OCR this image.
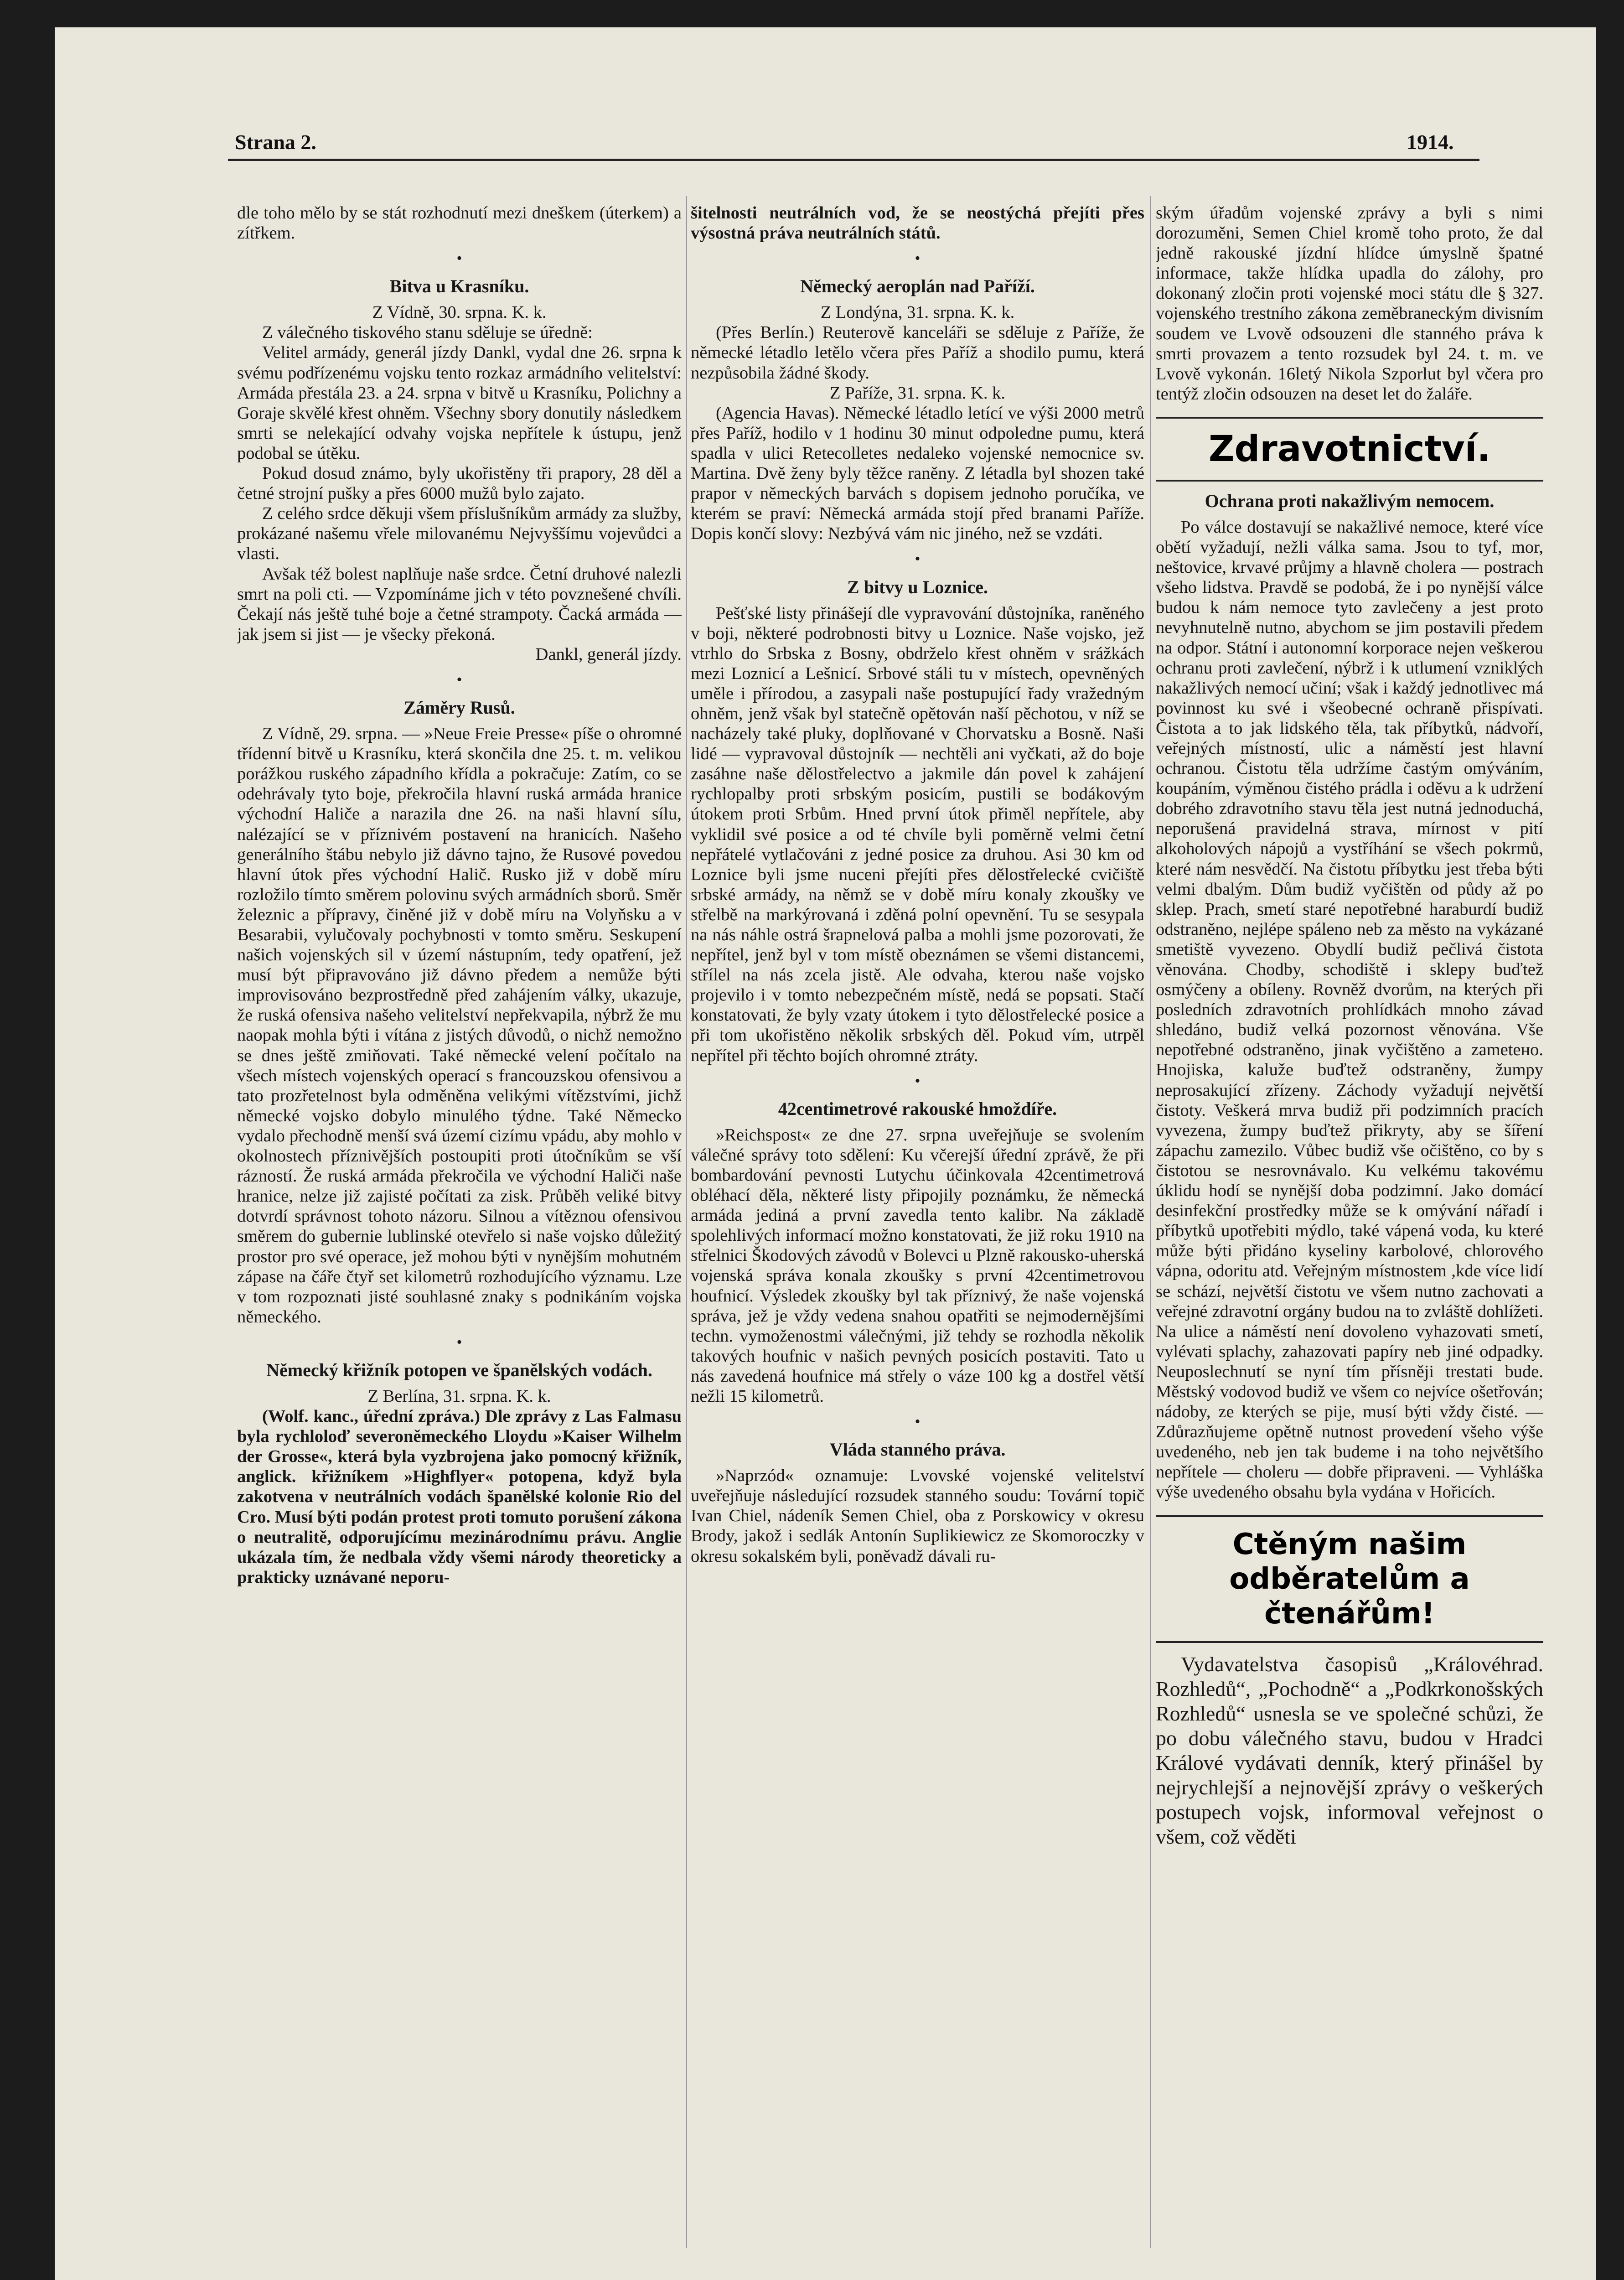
Strana 2.	1914.

dle toho mělo by se stát rozhodnutí mezi dneškem (úterkem) a zítřkem.

•
Bitva u Krasníku.

Z Vídně, 30. srpna. K. k.

Z válečného tiskového stanu sděluje se úředně:

Velitel armády, generál jízdy Dankl, vydal dne 26. srpna k svému podřízenému vojsku tento rozkaz armádního velitelství: Armáda přestála 23. a 24. srpna v bitvě u Krasníku, Polichny a Goraje skvělé křest ohněm. Všechny sbory donutily následkem smrti se nelekající odvahy vojska nepřítele k ústupu, jenž podobal se útěku.

Pokud dosud známo, byly ukořistěny tři prapory, 28 děl a četné strojní pušky a přes 6000 mužů bylo zajato.

Z celého srdce děkuji všem příslušníkům armády za služby, prokázané našemu vřele milovanému Nejvyššímu vojevůdci a vlasti.

Avšak též bolest naplňuje naše srdce. Četní druhové nalezli smrt na poli cti. — Vzpomínáme jich v této povznešené chvíli. Čekají nás ještě tuhé boje a četné strampoty. Čacká armáda — jak jsem si jist — je všecky překoná.

Dankl, generál jízdy.

•
Záměry Rusů.

Z Vídně, 29. srpna. — »Neue Freie Presse« píše o ohromné třídenní bitvě u Krasníku, která skončila dne 25. t. m. velikou porážkou ruského západního křídla a pokračuje: Zatím, co se odehrávaly tyto boje, překročila hlavní ruská armáda hranice východní Haliče a narazila dne 26. na naši hlavní sílu, nalézající se v příznivém postavení na hranicích. Našeho generálního štábu nebylo již dávno tajno, že Rusové povedou hlavní útok přes východní Halič. Rusko již v době míru rozložilo tímto směrem polovinu svých armádních sborů. Směr železnic a přípravy, činěné již v době míru na Volyňsku a v Besarabii, vylučovaly pochybnosti v tomto směru. Seskupení našich vojenských sil v území nástupním, tedy opatření, jež musí být připravováno již dávno předem a nemůže býti improvisováno bezprostředně před zahájením války, ukazuje, že ruská ofensiva našeho velitelství nepřekvapila, nýbrž že mu naopak mohla býti i vítána z jistých důvodů, o nichž nemožno se dnes ještě zmiňovati. Také německé velení počítalo na všech místech vojenských operací s francouzskou ofensivou a tato prozřetelnost byla odměněna velikými vítězstvími, jichž německé vojsko dobylo minulého týdne. Také Německo vydalo přechodně menší svá území cizímu vpádu, aby mohlo v okolnostech příznivějších postoupiti proti útočníkům se vší rázností. Že ruská armáda překročila ve východní Haliči naše hranice, nelze již zajisté počítati za zisk. Průběh veliké bitvy dotvrdí správnost tohoto názoru. Silnou a vítěznou ofensivou směrem do gubernie lublinské otevřelo si naše vojsko důležitý prostor pro své operace, jež mohou býti v nynějším mohutném zápase na čáře čtyř set kilometrů rozhodujícího významu. Lze v tom rozpoznati jisté souhlasné znaky s podnikáním vojska německého.

•
Německý křižník potopen ve španělských vodách.

Z Berlína, 31. srpna. K. k.

(Wolf. kanc., úřední zpráva.) Dle zprávy z Las Falmasu byla rychloloď severoněmeckého Lloydu »Kaiser Wilhelm der Grosse«, která byla vyzbrojena jako pomocný křižník, anglick. křižníkem »Highflyer« potopena, když byla zakotvena v neutrálních vodách španělské kolonie Rio del Cro. Musí býti podán protest proti tomuto porušení zákona o neutralitě, odporujícímu mezinárodnímu právu. Anglie ukázala tím, že nedbala vždy všemi národy theoreticky a prakticky uznávané neporu-

šitelnosti neutrálních vod, že se neostýchá přejíti přes výsostná práva neutrálních států.

•
Německý aeroplán nad Paříží.

Z Londýna, 31. srpna. K. k.

(Přes Berlín.) Reuterově kanceláři se sděluje z Paříže, že německé létadlo letělo včera přes Paříž a shodilo pumu, která nezpůsobila žádné škody.

Z Paříže, 31. srpna. K. k.

(Agencia Havas). Německé létadlo letící ve výši 2000 metrů přes Paříž, hodilo v 1 hodinu 30 minut odpoledne pumu, která spadla v ulici Retecolletes nedaleko vojenské nemocnice sv. Martina. Dvě ženy byly těžce raněny. Z létadla byl shozen také prapor v německých barvách s dopisem jednoho poručíka, ve kterém se praví: Německá armáda stojí před branami Paříže. Dopis končí slovy: Nezbývá vám nic jiného, než se vzdáti.

•
Z bitvy u Loznice.

Pešťské listy přinášejí dle vypravování důstojníka, raněného v boji, některé podrobnosti bitvy u Loznice. Naše vojsko, jež vtrhlo do Srbska z Bosny, obdrželo křest ohněm v srážkách mezi Loznicí a Lešnicí. Srbové stáli tu v místech, opevněných uměle i přírodou, a zasypali naše postupující řady vražedným ohněm, jenž však byl statečně opětován naší pěchotou, v níž se nacházely také pluky, doplňované v Chorvatsku a Bosně. Naši lidé — vypravoval důstojník — nechtěli ani vyčkati, až do boje zasáhne naše dělostřelectvo a jakmile dán povel k zahájení rychlopalby proti srbským posicím, pustili se bodákovým útokem proti Srbům. Hned první útok přiměl nepřítele, aby vyklidil své posice a od té chvíle byli poměrně velmi četní nepřátelé vytlačováni z jedné posice za druhou. Asi 30 km od Loznice byli jsme nuceni přejíti přes dělostřelecké cvičiště srbské armády, na němž se v době míru konaly zkoušky ve střelbě na markýrovaná i zděná polní opevnění. Tu se sesypala na nás náhle ostrá šrapnelová palba a mohli jsme pozorovati, že nepřítel, jenž byl v tom místě obeznámen se všemi distancemi, střílel na nás zcela jistě. Ale odvaha, kterou naše vojsko projevilo i v tomto nebezpečném místě, nedá se popsati. Stačí konstatovati, že byly vzaty útokem i tyto dělostřelecké posice a při tom ukořistěno několik srbských děl. Pokud vím, utrpěl nepřítel při těchto bojích ohromné ztráty.

•
42centimetrové rakouské hmoždíře.

»Reichspost« ze dne 27. srpna uveřejňuje se svolením válečné správy toto sdělení: Ku včerejší úřední zprávě, že při bombardování pevnosti Lutychu účinkovala 42centimetrová obléhací děla, některé listy připojily poznámku, že německá armáda jediná a první zavedla tento kalibr. Na základě spolehlivých informací možno konstatovati, že již roku 1910 na střelnici Škodových závodů v Bolevci u Plzně rakousko-uherská vojenská správa konala zkoušky s první 42centimetrovou houfnicí. Výsledek zkoušky byl tak příznivý, že naše vojenská správa, jež je vždy vedena snahou opatřiti se nejmodernějšími techn. vymoženostmi válečnými, již tehdy se rozhodla několik takových houfnic v našich pevných posicích postaviti. Tato u nás zavedená houfnice má střely o váze 100 kg a dostřel větší nežli 15 kilometrů.

•
Vláda stanného práva.

»Naprzód« oznamuje: Lvovské vojenské velitelství uveřejňuje následující rozsudek stanného soudu: Tovární topič Ivan Chiel, nádeník Semen Chiel, oba z Porskowicy v okresu Brody, jakož i sedlák Antonín Suplikiewicz ze Skomoroczky v okresu sokalském byli, poněvadž dávali ru-

ským úřadům vojenské zprávy a byli s nimi dorozuměni, Semen Chiel kromě toho proto, že dal jedně rakouské jízdní hlídce úmyslně špatné informace, takže hlídka upadla do zálohy, pro dokonaný zločin proti vojenské moci státu dle § 327. vojenského trestního zákona zeměbraneckým divisním soudem ve Lvově odsouzeni dle stanného práva k smrti provazem a tento rozsudek byl 24. t. m. ve Lvově vykonán. 16letý Nikola Szporlut byl včera pro tentýž zločin odsouzen na deset let do žaláře.

Zdravotnictví.
Ochrana proti nakažlivým nemocem.

Po válce dostavují se nakažlivé nemoce, které více obětí vyžadují, nežli válka sama. Jsou to tyf, mor, neštovice, krvavé průjmy a hlavně cholera — postrach všeho lidstva. Pravdě se podobá, že i po nynější válce budou k nám nemoce tyto zavlečeny a jest proto nevyhnutelně nutno, abychom se jim postavili předem na odpor. Státní i autonomní korporace nejen veškerou ochranu proti zavlečení, nýbrž i k utlumení vzniklých nakažlivých nemocí učiní; však i každý jednotlivec má povinnost ku své i všeobecné ochraně přispívati. Čistota a to jak lidského těla, tak příbytků, nádvoří, veřejných místností, ulic a náměstí jest hlavní ochranou. Čistotu těla udržíme častým omýváním, koupáním, výměnou čistého prádla i oděvu a k udržení dobrého zdravotního stavu těla jest nutná jednoduchá, neporušená pravidelná strava, mírnost v pití alkoholových nápojů a vystříhání se všech pokrmů, které nám nesvědčí. Na čistotu příbytku jest třeba býti velmi dbalým. Dům budiž vyčištěn od půdy až po sklep. Prach, smetí staré nepotřebné haraburdí budiž odstraněno, nejlépe spáleno neb za město na vykázané smetiště vyvezeno. Obydlí budiž pečlivá čistota věnována. Chodby, schodiště i sklepy buďtež osmýčeny a obíleny. Rovněž dvorům, na kterých při posledních zdravotních prohlídkách mnoho závad shledáno, budiž velká pozornost věnována. Vše nepotřebné odstraněno, jinak vyčištěno a zametено. Hnojiska, kaluže buďtež odstraněny, žumpy neprosakující zřízeny. Záchody vyžadují největší čistoty. Veškerá mrva budiž při podzimních pracích vyvezena, žumpy buďtež přikryty, aby se šíření zápachu zamezilo. Vůbec budiž vše očištěno, co by s čistotou se nesrovnávalo. Ku velkému takovému úklidu hodí se nynější doba podzimní. Jako domácí desinfekční prostředky může se k omývání nářadí i příbytků upotřebiti mýdlo, také vápená voda, ku které může býti přidáno kyseliny karbolové, chlorového vápna, odoritu atd. Veřejným místnostem ,kde více lidí se schází, největší čistotu ve všem nutno zachovati a veřejné zdravotní orgány budou na to zvláště dohlížeti. Na ulice a náměstí není dovoleno vyhazovati smetí, vylévati splachy, zahazovati papíry neb jiné odpadky. Neuposlechnutí se nyní tím přísněji trestati bude. Městský vodovod budiž ve všem co nejvíce ošetřován; nádoby, ze kterých se pije, musí býti vždy čisté. — Zdůrazňujeme opětně nutnost provedení všeho výše uvedeného, neb jen tak budeme i na toho největšího nepřítele — choleru — dobře připraveni. — Vyhláška výše uvedeného obsahu byla vydána v Hořicích.

Ctěným našim odběratelům a čtenářům!

Vydavatelstva časopisů „Královéhrad. Rozhledů“, „Pochodně“ a „Podkrkonošských Rozhledů“ usnesla se ve společné schůzi, že po dobu válečného stavu, budou v Hradci Králové vydávati denník, který přinášel by nejrychlejší a nejnovější zprávy o veškerých postupech vojsk, informoval veřejnost o všem, což věděti
